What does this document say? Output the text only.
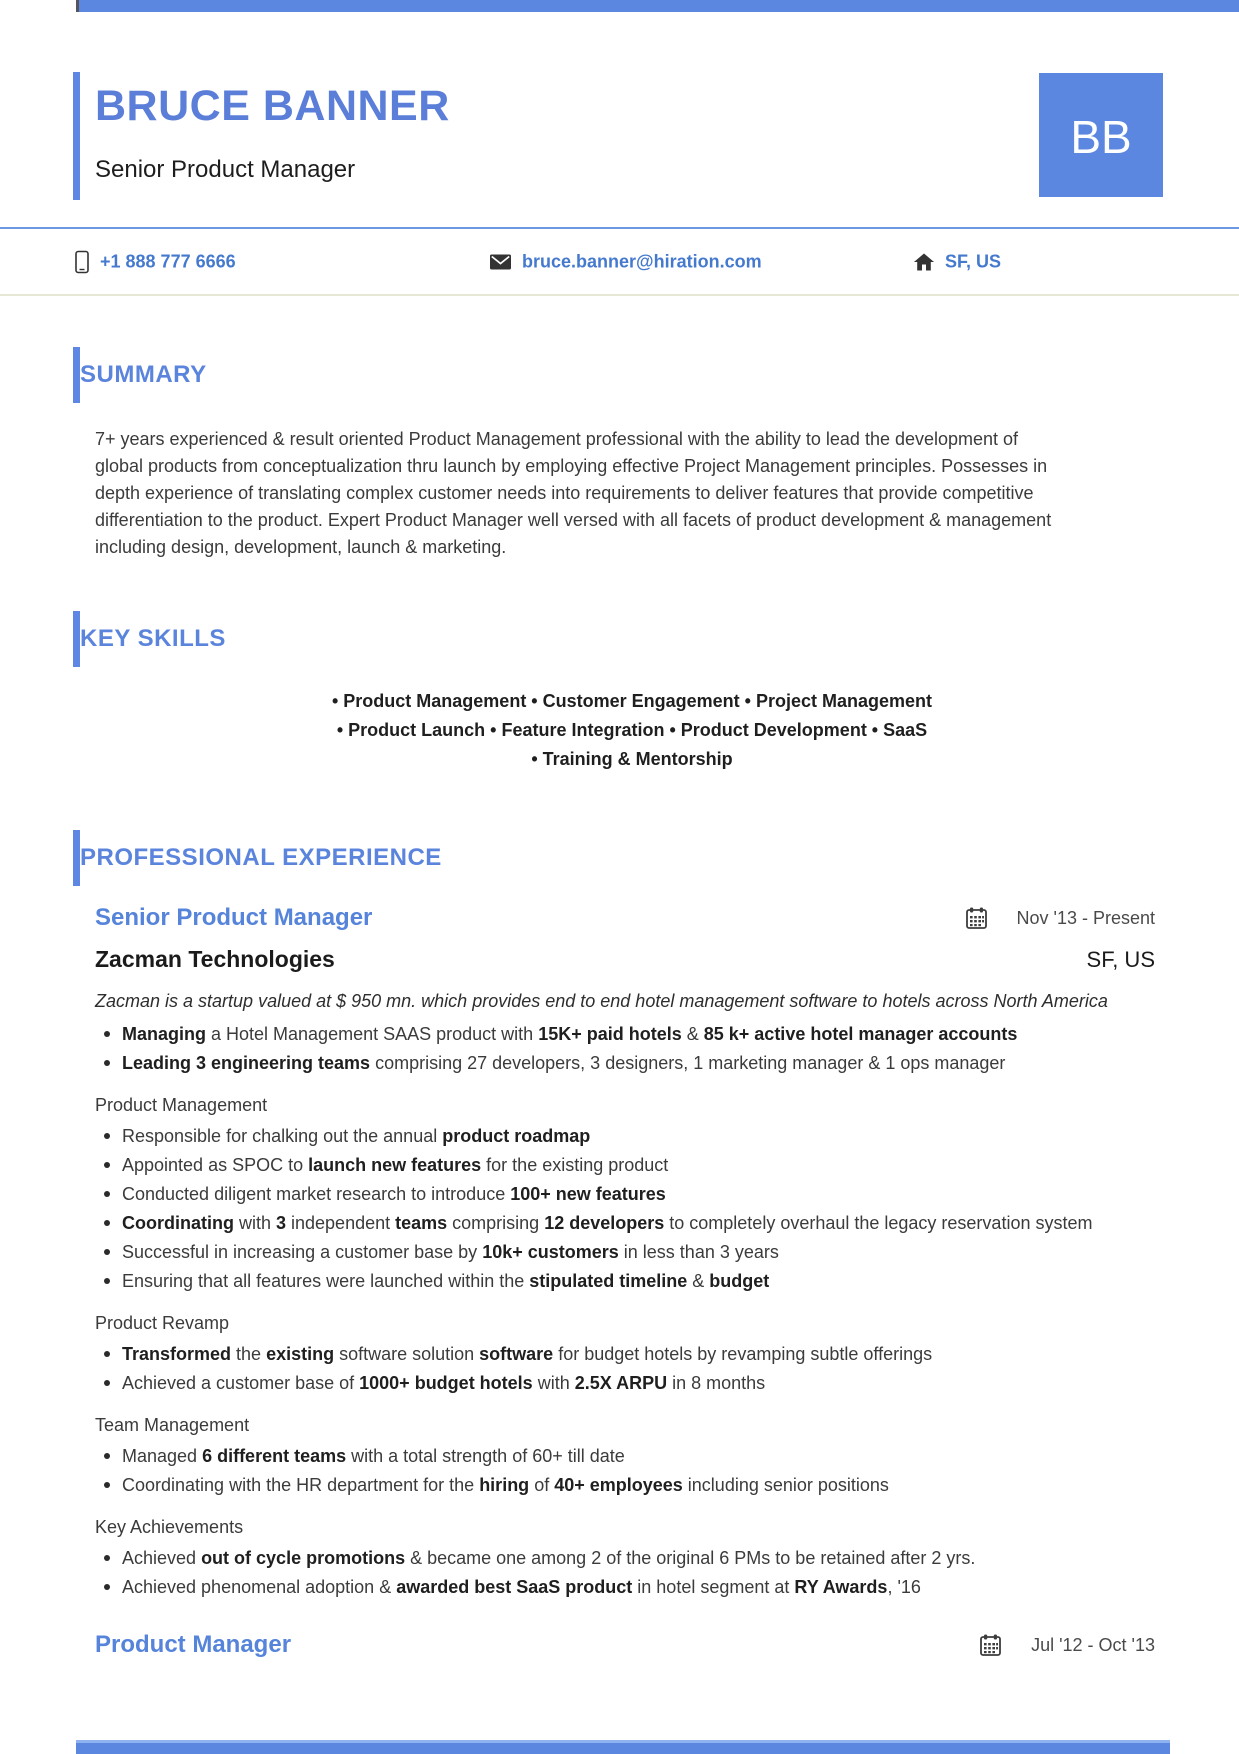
BRUCE BANNER
Senior Product Manager
BB
+1 888 777 6666	bruce.banner@hiration.com	SF, US
SUMMARY
7+ years experienced & result oriented Product Management professional with the ability to lead the development of
global products from conceptualization thru launch by employing effective Project Management principles. Possesses in
depth experience of translating complex customer needs into requirements to deliver features that provide competitive
differentiation to the product. Expert Product Manager well versed with all facets of product development & management
including design, development, launch & marketing.
KEY SKILLS
• Product Management • Customer Engagement • Project Management
• Product Launch • Feature Integration • Product Development • SaaS
• Training & Mentorship
PROFESSIONAL EXPERIENCE
Senior Product Manager	Nov '13 - Present
Zacman Technologies	SF, US
Zacman is a startup valued at $ 950 mn. which provides end to end hotel management software to hotels across North America
Managing a Hotel Management SAAS product with 15K+ paid hotels & 85 k+ active hotel manager accounts
Leading 3 engineering teams comprising 27 developers, 3 designers, 1 marketing manager & 1 ops manager
Product Management
Responsible for chalking out the annual product roadmap
Appointed as SPOC to launch new features for the existing product
Conducted diligent market research to introduce 100+ new features
Coordinating with 3 independent teams comprising 12 developers to completely overhaul the legacy reservation system
Successful in increasing a customer base by 10k+ customers in less than 3 years
Ensuring that all features were launched within the stipulated timeline & budget
Product Revamp
Transformed the existing software solution software for budget hotels by revamping subtle offerings
Achieved a customer base of 1000+ budget hotels with 2.5X ARPU in 8 months
Team Management
Managed 6 different teams with a total strength of 60+ till date
Coordinating with the HR department for the hiring of 40+ employees including senior positions
Key Achievements
Achieved out of cycle promotions & became one among 2 of the original 6 PMs to be retained after 2 yrs.
Achieved phenomenal adoption & awarded best SaaS product in hotel segment at RY Awards, '16
Product Manager	Jul '12 - Oct '13
